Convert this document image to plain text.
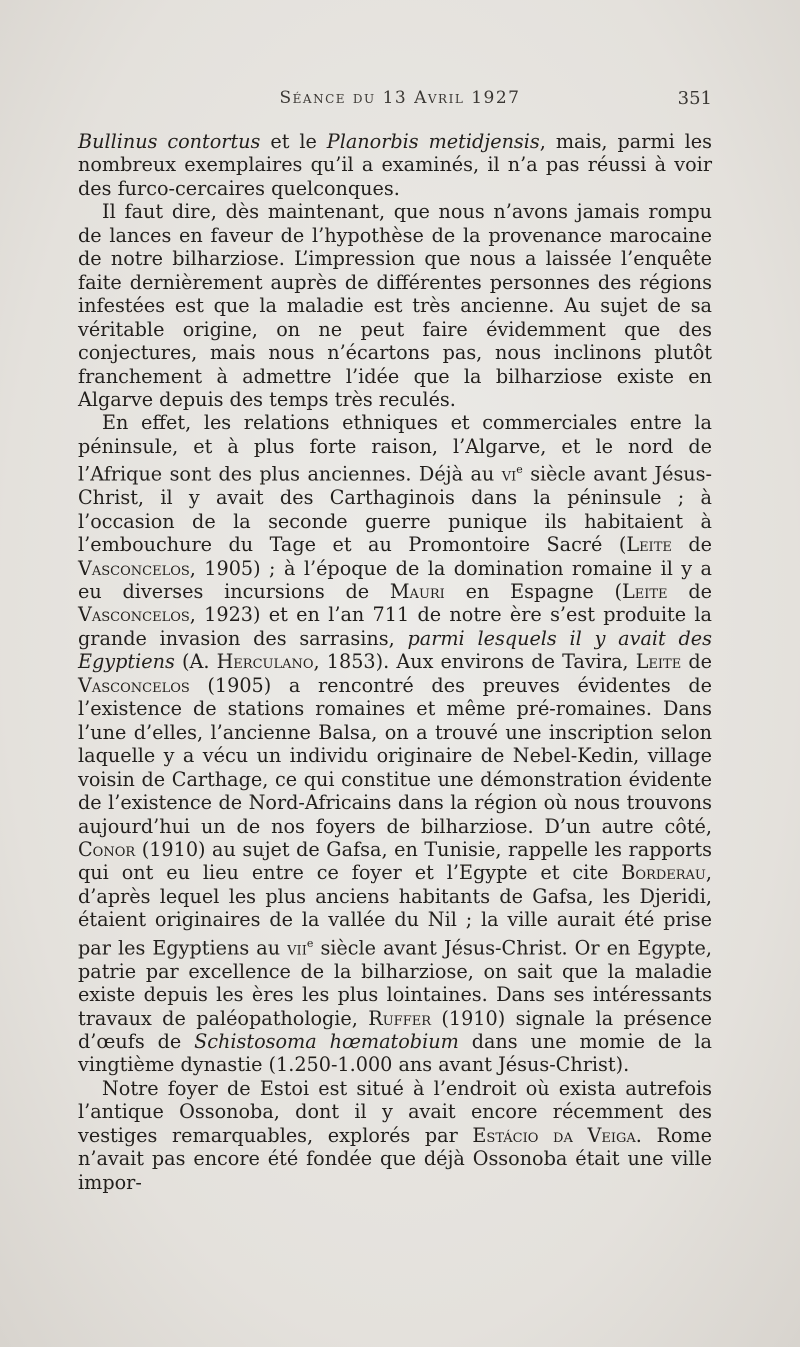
Séance du 13 Avril 1927	351

Bullinus contortus et le Planorbis metidjensis, mais, parmi les nombreux exemplaires qu’il a examinés, il n’a pas réussi à voir des furco-cercaires quelconques.

Il faut dire, dès maintenant, que nous n’avons jamais rompu de lances en faveur de l’hypothèse de la provenance marocaine de notre bilharziose. L’impression que nous a laissée l’enquête faite dernièrement auprès de différentes personnes des régions infestées est que la maladie est très ancienne. Au sujet de sa véritable origine, on ne peut faire évidemment que des conjectures, mais nous n’écartons pas, nous inclinons plutôt franchement à admettre l’idée que la bilharziose existe en Algarve depuis des temps très reculés.

En effet, les relations ethniques et commerciales entre la péninsule, et à plus forte raison, l’Algarve, et le nord de l’Afrique sont des plus anciennes. Déjà au $vi^e$ siècle avant Jésus-Christ, il y avait des Carthaginois dans la péninsule ; à l’occasion de la seconde guerre punique ils habitaient à l’embouchure du Tage et au Promontoire Sacré (Leite de Vasconcelos, 1905) ; à l’époque de la domination romaine il y a eu diverses incursions de Mauri en Espagne (Leite de Vasconcelos, 1923) et en l’an 711 de notre ère s’est produite la grande invasion des sarrasins, parmi lesquels il y avait des Egyptiens (A. Herculano, 1853). Aux environs de Tavira, Leite de Vasconcelos (1905) a rencontré des preuves évidentes de l’existence de stations romaines et même pré-romaines. Dans l’une d’elles, l’ancienne Balsa, on a trouvé une inscription selon laquelle y a vécu un individu originaire de Nebel-Kedin, village voisin de Carthage, ce qui constitue une démonstration évidente de l’existence de Nord-Africains dans la région où nous trouvons aujourd’hui un de nos foyers de bilharziose. D’un autre côté, Conor (1910) au sujet de Gafsa, en Tunisie, rappelle les rapports qui ont eu lieu entre ce foyer et l’Egypte et cite Borderau, d’après lequel les plus anciens habitants de Gafsa, les Djeridi, étaient originaires de la vallée du Nil ; la ville aurait été prise par les Egyptiens au vii$^e$ siècle avant Jésus-Christ. Or en Egypte, patrie par excellence de la bilharziose, on sait que la maladie existe depuis les ères les plus lointaines. Dans ses intéressants travaux de paléopathologie, Ruffer (1910) signale la présence d’œufs de Schistosoma hœmatobium dans une momie de la vingtième dynastie (1.250-1.000 ans avant Jésus-Christ).

Notre foyer de Estoi est situé à l’endroit où exista autrefois l’antique Ossonoba, dont il y avait encore récemment des vestiges remarquables, explorés par Estácio da Veiga. Rome n’avait pas encore été fondée que déjà Ossonoba était une ville impor-
